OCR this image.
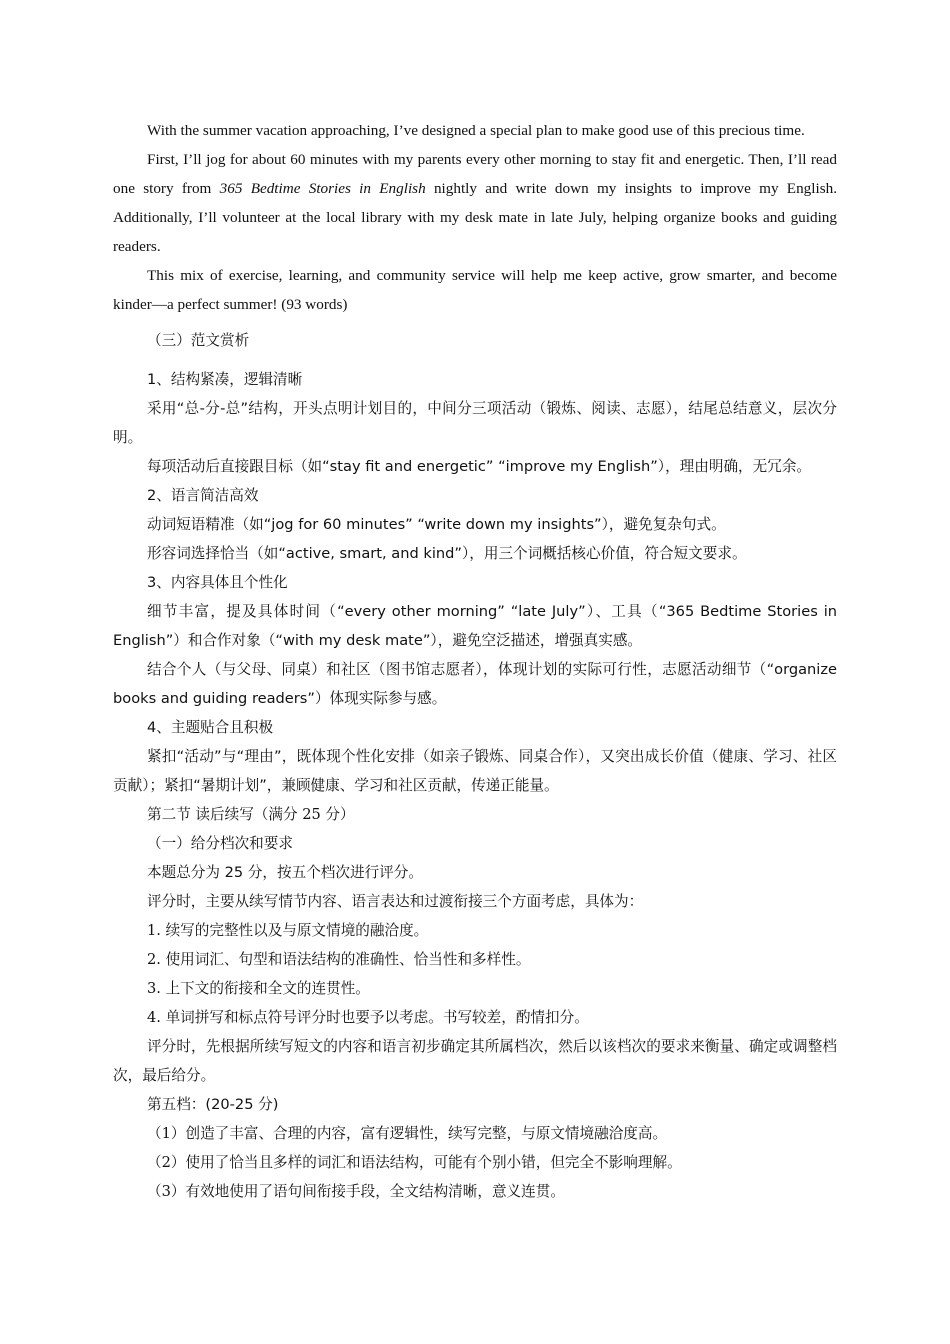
With the summer vacation approaching, I’ve designed a special plan to make good use of this precious time.

First, I’ll jog for about 60 minutes with my parents every other morning to stay fit and energetic. Then, I’ll read one story from 365 Bedtime Stories in English nightly and write down my insights to improve my English. Additionally, I’ll volunteer at the local library with my desk mate in late July, helping organize books and guiding readers.

This mix of exercise, learning, and community service will help me keep active, grow smarter, and become kinder—a perfect summer! (93 words)

（三）范文赏析

1、结构紧凑，逻辑清晰

采用“总-分-总”结构，开头点明计划目的，中间分三项活动（锻炼、阅读、志愿），结尾总结意义，层次分明。

每项活动后直接跟目标（如“stay fit and energetic” “improve my English”），理由明确，无冗余。

2、语言简洁高效

动词短语精准（如“jog for 60 minutes” “write down my insights”），避免复杂句式。

形容词选择恰当（如“active, smart, and kind”），用三个词概括核心价值，符合短文要求。

3、内容具体且个性化

细节丰富，提及具体时间（“every other morning” “late July”）、工具（“365 Bedtime Stories in English”）和合作对象（“with my desk mate”），避免空泛描述，增强真实感。

结合个人（与父母、同桌）和社区（图书馆志愿者），体现计划的实际可行性，志愿活动细节（“organize books and guiding readers”）体现实际参与感。

4、主题贴合且积极

紧扣“活动”与“理由”，既体现个性化安排（如亲子锻炼、同桌合作），又突出成长价值（健康、学习、社区贡献）；紧扣“暑期计划”，兼顾健康、学习和社区贡献，传递正能量。

第二节 读后续写（满分 25 分）

（一）给分档次和要求

本题总分为 25 分，按五个档次进行评分。

评分时，主要从续写情节内容、语言表达和过渡衔接三个方面考虑，具体为：

1. 续写的完整性以及与原文情境的融洽度。

2. 使用词汇、句型和语法结构的准确性、恰当性和多样性。

3. 上下文的衔接和全文的连贯性。

4. 单词拼写和标点符号评分时也要予以考虑。书写较差，酌情扣分。

评分时，先根据所续写短文的内容和语言初步确定其所属档次，然后以该档次的要求来衡量、确定或调整档次，最后给分。

第五档：(20-25 分)

（1）创造了丰富、合理的内容，富有逻辑性，续写完整，与原文情境融洽度高。

（2）使用了恰当且多样的词汇和语法结构，可能有个别小错，但完全不影响理解。

（3）有效地使用了语句间衔接手段，全文结构清晰，意义连贯。
